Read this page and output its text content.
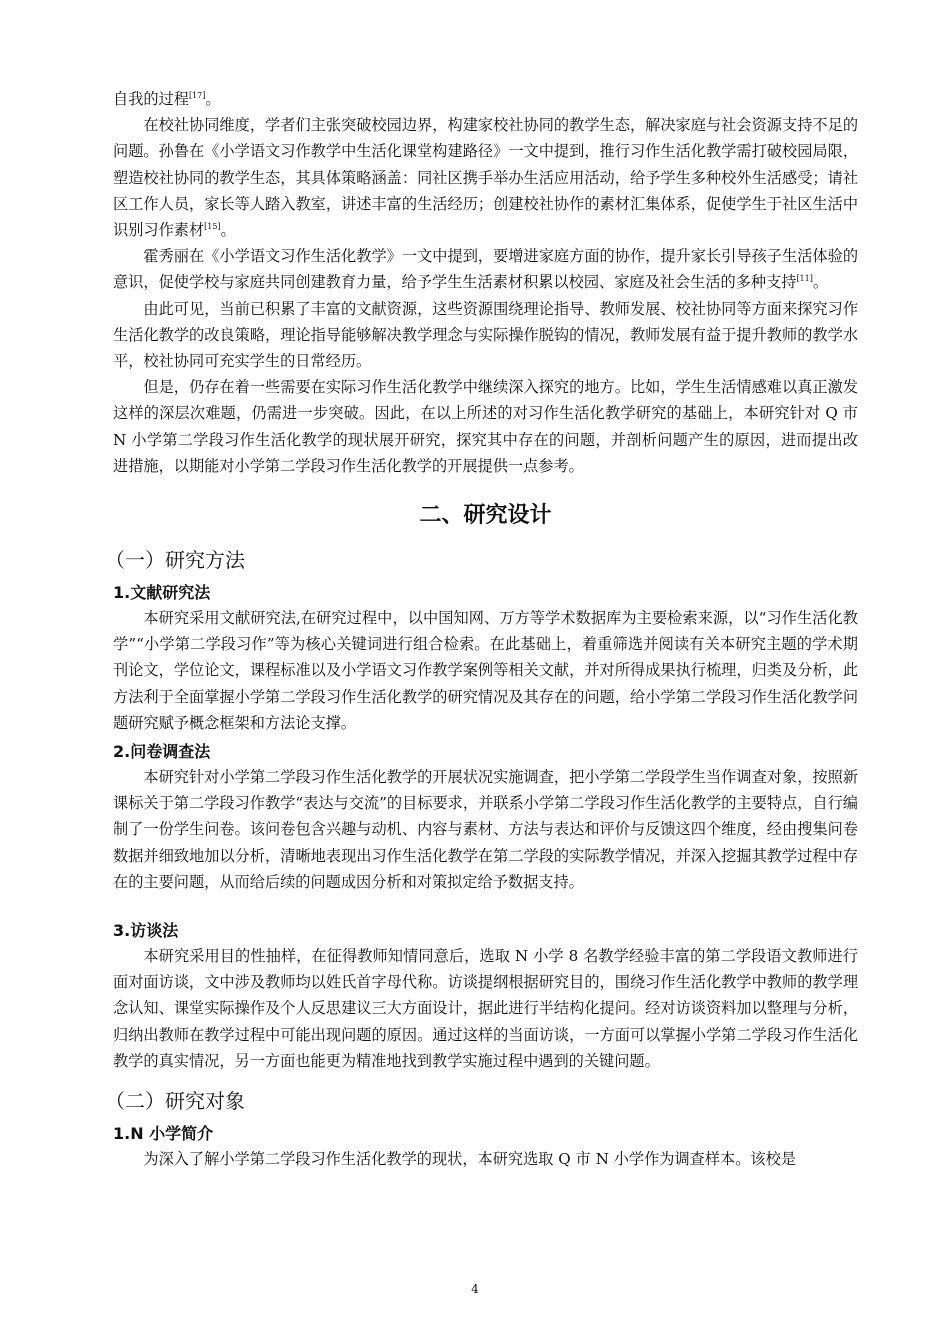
自我的过程[17]。

在校社协同维度，学者们主张突破校园边界，构建家校社协同的教学生态，解决家庭与社会资源支持不足的问题。孙鲁在《小学语文习作教学中生活化课堂构建路径》一文中提到，推行习作生活化教学需打破校园局限，塑造校社协同的教学生态，其具体策略涵盖：同社区携手举办生活应用活动，给予学生多种校外生活感受；请社区工作人员，家长等人踏入教室，讲述丰富的生活经历；创建校社协作的素材汇集体系，促使学生于社区生活中识别习作素材[15]。

霍秀丽在《小学语文习作生活化教学》一文中提到，要增进家庭方面的协作，提升家长引导孩子生活体验的意识，促使学校与家庭共同创建教育力量，给予学生生活素材积累以校园、家庭及社会生活的多种支持[11]。

由此可见，当前已积累了丰富的文献资源，这些资源围绕理论指导、教师发展、校社协同等方面来探究习作生活化教学的改良策略，理论指导能够解决教学理念与实际操作脱钩的情况，教师发展有益于提升教师的教学水平，校社协同可充实学生的日常经历。

但是，仍存在着一些需要在实际习作生活化教学中继续深入探究的地方。比如，学生生活情感难以真正激发这样的深层次难题，仍需进一步突破。因此，在以上所述的对习作生活化教学研究的基础上，本研究针对 Q 市 N 小学第二学段习作生活化教学的现状展开研究，探究其中存在的问题，并剖析问题产生的原因，进而提出改进措施，以期能对小学第二学段习作生活化教学的开展提供一点参考。

二、研究设计
（一）研究方法
1.文献研究法

本研究采用文献研究法,在研究过程中，以中国知网、万方等学术数据库为主要检索来源，以“习作生活化教学”“小学第二学段习作”等为核心关键词进行组合检索。在此基础上，着重筛选并阅读有关本研究主题的学术期刊论文，学位论文，课程标准以及小学语文习作教学案例等相关文献，并对所得成果执行梳理，归类及分析，此方法利于全面掌握小学第二学段习作生活化教学的研究情况及其存在的问题，给小学第二学段习作生活化教学问题研究赋予概念框架和方法论支撑。

2.问卷调查法

本研究针对小学第二学段习作生活化教学的开展状况实施调查，把小学第二学段学生当作调查对象，按照新课标关于第二学段习作教学“表达与交流”的目标要求，并联系小学第二学段习作生活化教学的主要特点，自行编制了一份学生问卷。该问卷包含兴趣与动机、内容与素材、方法与表达和评价与反馈这四个维度，经由搜集问卷数据并细致地加以分析，清晰地表现出习作生活化教学在第二学段的实际教学情况，并深入挖掘其教学过程中存在的主要问题，从而给后续的问题成因分析和对策拟定给予数据支持。

3.访谈法

本研究采用目的性抽样，在征得教师知情同意后，选取 N 小学 8 名教学经验丰富的第二学段语文教师进行面对面访谈，文中涉及教师均以姓氏首字母代称。访谈提纲根据研究目的，围绕习作生活化教学中教师的教学理念认知、课堂实际操作及个人反思建议三大方面设计，据此进行半结构化提问。经对访谈资料加以整理与分析，归纳出教师在教学过程中可能出现问题的原因。通过这样的当面访谈，一方面可以掌握小学第二学段习作生活化教学的真实情况，另一方面也能更为精准地找到教学实施过程中遇到的关键问题。

（二）研究对象
1.N 小学简介

为深入了解小学第二学段习作生活化教学的现状，本研究选取 Q 市 N 小学作为调查样本。该校是

4
